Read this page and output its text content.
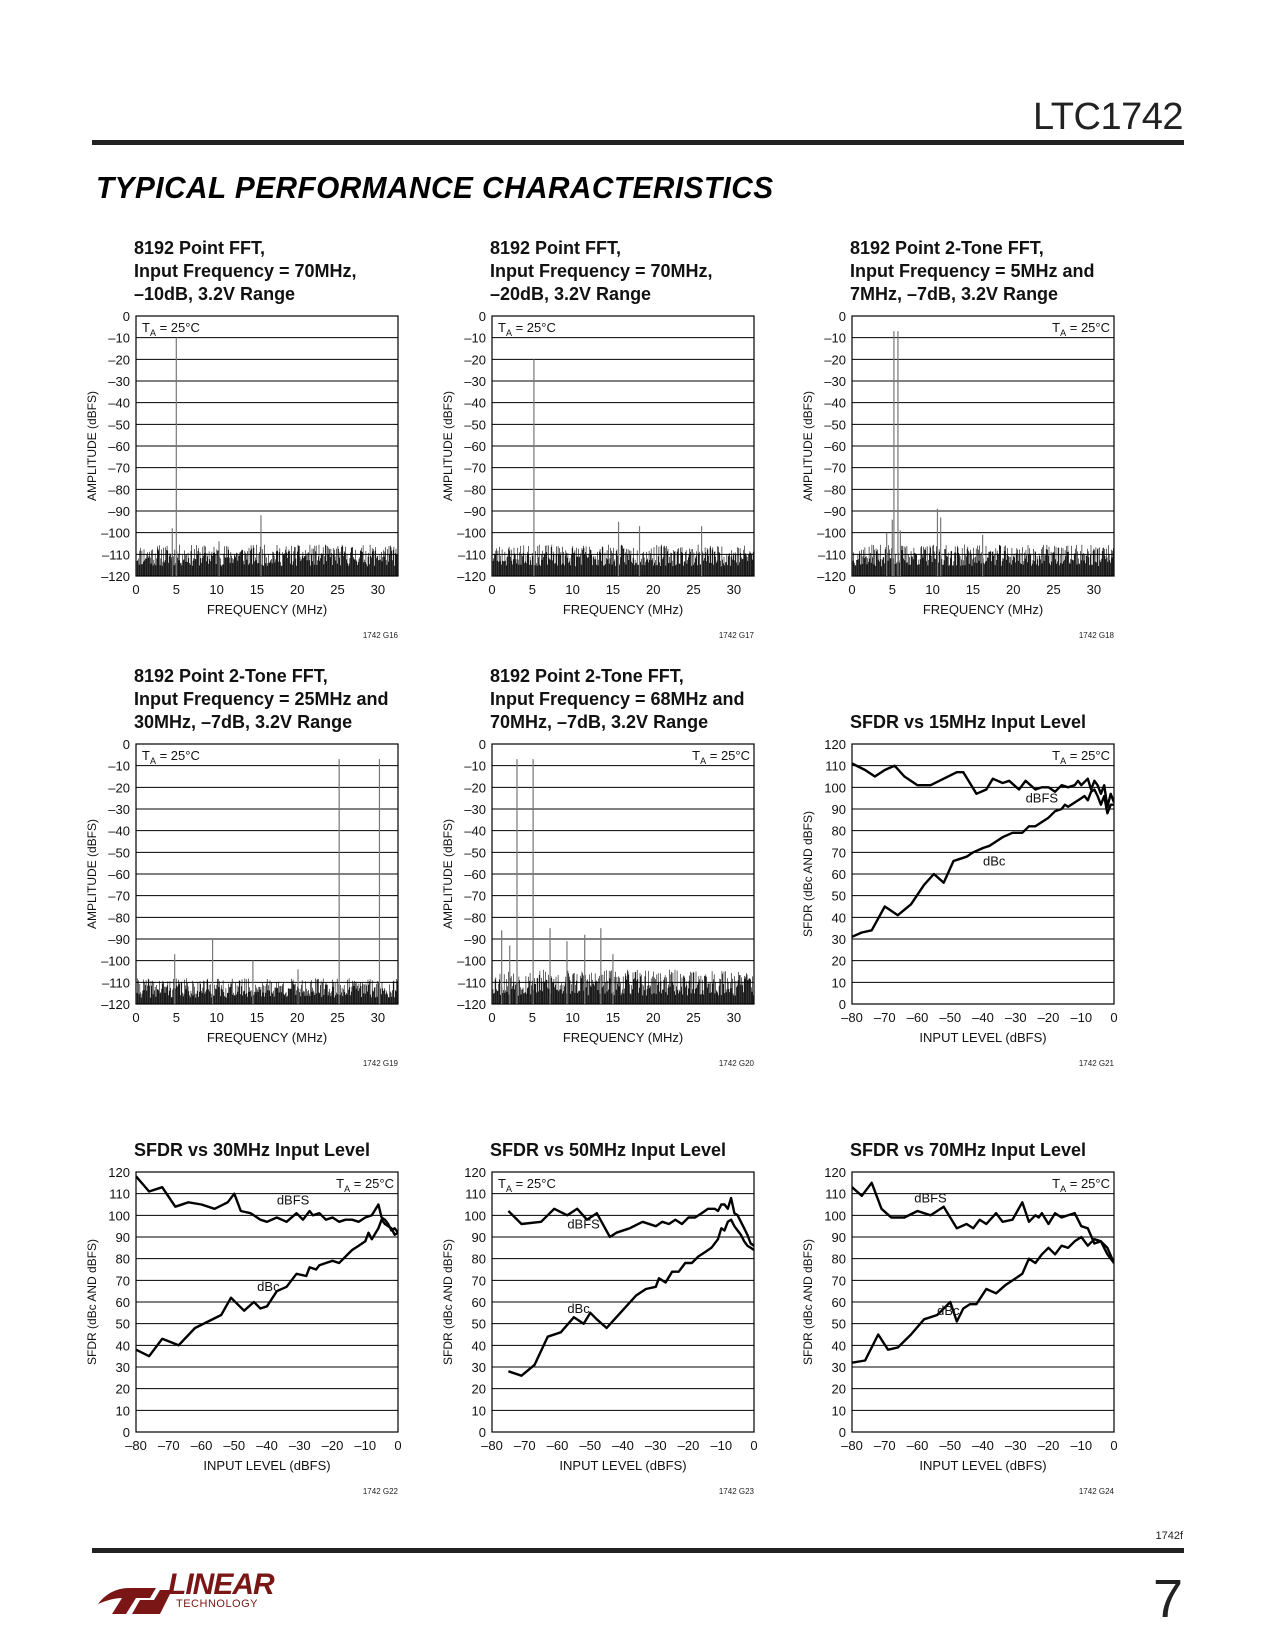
LTC1742
TYPICAL PERFORMANCE CHARACTERISTICS
8192 Point FFT,
Input Frequency = 70MHz,
–10dB, 3.2V Range
0
–10
–20
–30
–40
–50
–60
–70
–80
–90
–100
–110
–120
0	5 10 15 20 25 30
FREQUENCY (MHz)
AMPLITUDE (dBFS)
$T_A = 25^\circ C$
1742 G16
8192 Point FFT,
Input Frequency = 70MHz,
–20dB, 3.2V Range
0
–10
–20
–30
–40
–50
–60
–70
–80
–90
–100
–110
–120
0	5 10 15 20 25 30
FREQUENCY (MHz)
AMPLITUDE (dBFS)
$T_A = 25^\circ C$
1742 G17
8192 Point 2-Tone FFT,
Input Frequency = 5MHz and
7MHz, –7dB, 3.2V Range
0
–10
–20
–30
–40
–50
–60
–70
–80
–90
–100
–110
–120
0	5 10 15 20 25 30
FREQUENCY (MHz)
AMPLITUDE (dBFS)
$T_A = 25^\circ C$
1742 G18
8192 Point 2-Tone FFT,
Input Frequency = 25MHz and
30MHz, –7dB, 3.2V Range
0
–10
–20
–30
–40
–50
–60
–70
–80
–90
–100
–110
–120
0	5 10 15 20 25 30
FREQUENCY (MHz)
AMPLITUDE (dBFS)
$T_A = 25^\circ C$
1742 G19
8192 Point 2-Tone FFT,
Input Frequency = 68MHz and
70MHz, –7dB, 3.2V Range
0
–10
–20
–30
–40
–50
–60
–70
–80
–90
–100
–110
–120
0	5 10 15 20 25 30
FREQUENCY (MHz)
AMPLITUDE (dBFS)
$T_A = 25^\circ C$
1742 G20
SFDR vs 15MHz Input Level
120
110
100
90
80
70
60
50
40
30
20
10
0
–80 –70 –60 –50 –40 –30 –20 –10 0
INPUT LEVEL (dBFS)
SFDR (dBc AND dBFS)
$T_A = 25^\circ C$
1742 G21
dBFS
dBc
SFDR vs 30MHz Input Level
120
110
100
90
80
70
60
50
40
30
20
10
0
–80 –70 –60 –50 –40 –30 –20 –10 0
INPUT LEVEL (dBFS)
SFDR (dBc AND dBFS)
$T_A = 25^\circ C$
1742 G22
dBFS
dBc
SFDR vs 50MHz Input Level
120
110
100
90
80
70
60
50
40
30
20
10
0
–80 –70 –60 –50 –40 –30 –20 –10 0
INPUT LEVEL (dBFS)
SFDR (dBc AND dBFS)
$T_A = 25^\circ C$
1742 G23
dBFS
dBc
SFDR vs 70MHz Input Level
120
110
100
90
80
70
60
50
40
30
20
10
0
–80 –70 –60 –50 –40 –30 –20 –10 0
INPUT LEVEL (dBFS)
SFDR (dBc AND dBFS)
$T_A = 25^\circ C$
1742 G24
dBFS
dBc
1742f
LINEAR
TECHNOLOGY	7
